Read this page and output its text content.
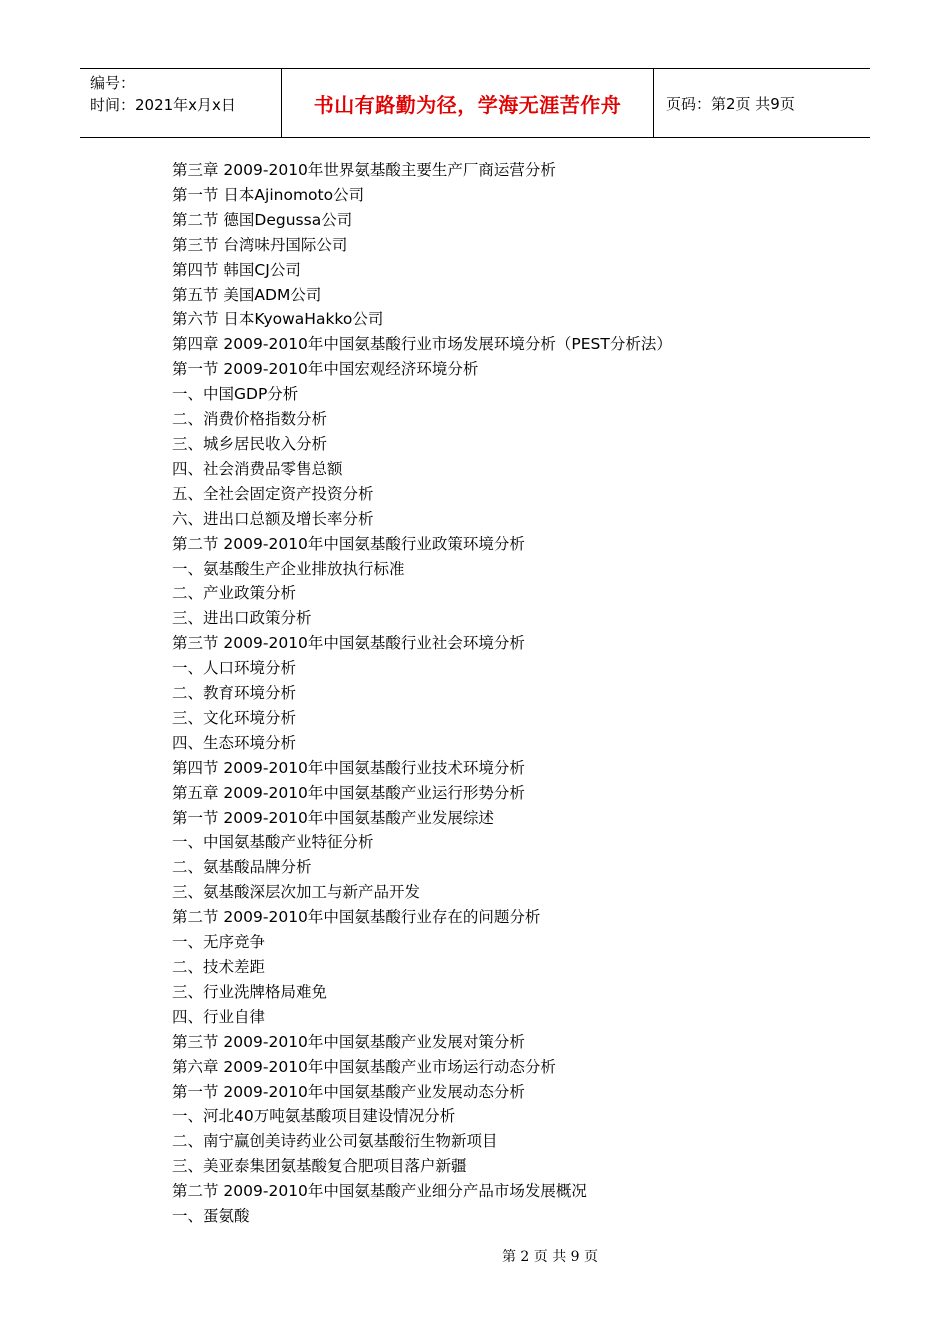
编号：
时间：2021年x月x日	书山有路勤为径，学海无涯苦作舟	页码：第2页 共9页
第三章 2009-2010年世界氨基酸主要生产厂商运营分析
第一节 日本Ajinomoto公司
第二节 德国Degussa公司
第三节 台湾味丹国际公司
第四节 韩国CJ公司
第五节 美国ADM公司
第六节 日本KyowaHakko公司
第四章 2009-2010年中国氨基酸行业市场发展环境分析（PEST分析法）
第一节 2009-2010年中国宏观经济环境分析
一、中国GDP分析
二、消费价格指数分析
三、城乡居民收入分析
四、社会消费品零售总额
五、全社会固定资产投资分析
六、进出口总额及增长率分析
第二节 2009-2010年中国氨基酸行业政策环境分析
一、氨基酸生产企业排放执行标准
二、产业政策分析
三、进出口政策分析
第三节 2009-2010年中国氨基酸行业社会环境分析
一、人口环境分析
二、教育环境分析
三、文化环境分析
四、生态环境分析
第四节 2009-2010年中国氨基酸行业技术环境分析
第五章 2009-2010年中国氨基酸产业运行形势分析
第一节 2009-2010年中国氨基酸产业发展综述
一、中国氨基酸产业特征分析
二、氨基酸品牌分析
三、氨基酸深层次加工与新产品开发
第二节 2009-2010年中国氨基酸行业存在的问题分析
一、无序竞争
二、技术差距
三、行业洗牌格局难免
四、行业自律
第三节 2009-2010年中国氨基酸产业发展对策分析
第六章 2009-2010年中国氨基酸产业市场运行动态分析
第一节 2009-2010年中国氨基酸产业发展动态分析
一、河北40万吨氨基酸项目建设情况分析
二、南宁赢创美诗药业公司氨基酸衍生物新项目
三、美亚泰集团氨基酸复合肥项目落户新疆
第二节 2009-2010年中国氨基酸产业细分产品市场发展概况
一、蛋氨酸
第 2 页 共 9 页
